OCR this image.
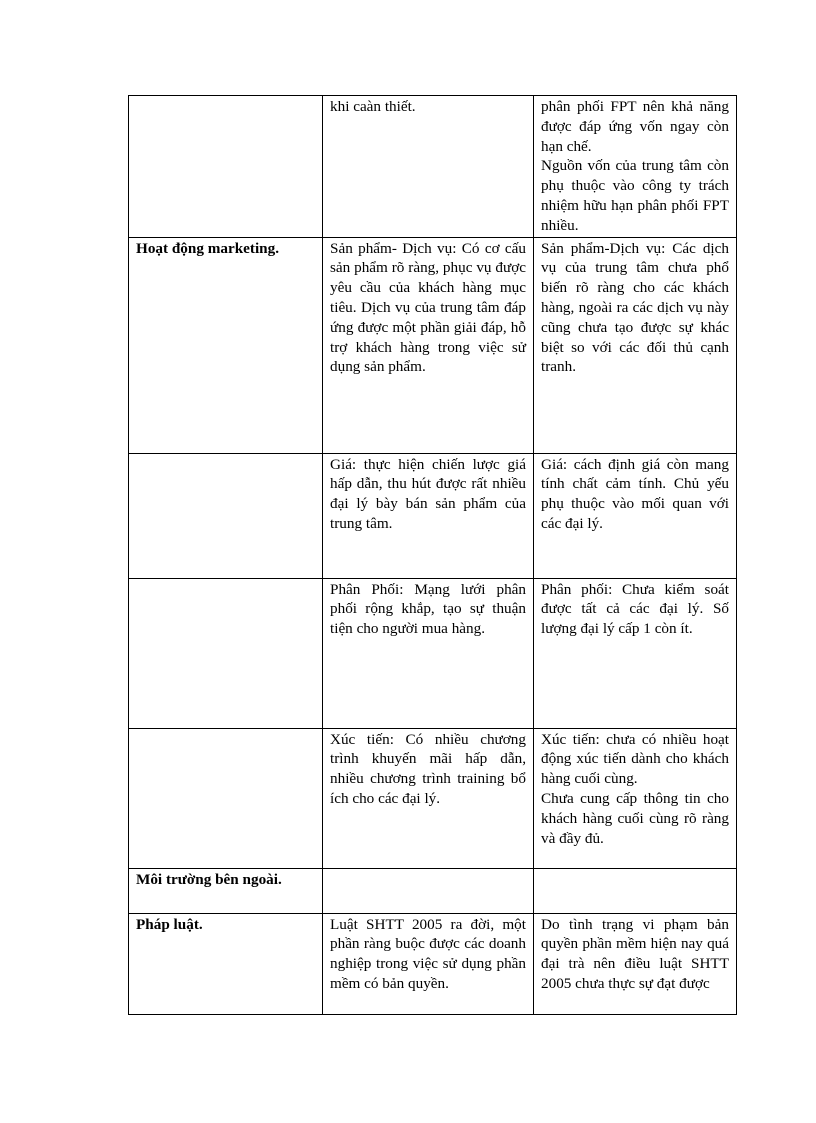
	khi caàn thiết.	phân phối FPT nên khả năng được đáp ứng vốn ngay còn hạn chế.
Nguồn vốn của trung tâm còn phụ thuộc vào công ty trách nhiệm hữu hạn phân phối FPT nhiều.

Hoạt động marketing.	Sản phẩm- Dịch vụ: Có cơ cấu sản phẩm rõ ràng, phục vụ được yêu cầu của khách hàng mục tiêu. Dịch vụ của trung tâm đáp ứng được một phần giải đáp, hỗ trợ khách hàng trong việc sử dụng sản phẩm.	Sản phẩm-Dịch vụ: Các dịch vụ của trung tâm chưa phổ biến rõ ràng cho các khách hàng, ngoài ra các dịch vụ này cũng chưa tạo được sự khác biệt so với các đối thủ cạnh tranh.

	Giá: thực hiện chiến lược giá hấp dẫn, thu hút được rất nhiều đại lý bày bán sản phẩm của trung tâm.	Giá: cách định giá còn mang tính chất cảm tính. Chủ yếu phụ thuộc vào mối quan với các đại lý.

	Phân Phối: Mạng lưới phân phối rộng khắp, tạo sự thuận tiện cho người mua hàng.	Phân phối: Chưa kiểm soát được tất cả các đại lý. Số lượng đại lý cấp 1 còn ít.

	Xúc tiến: Có nhiều chương trình khuyến mãi hấp dẫn, nhiều chương trình training bổ ích cho các đại lý.	Xúc tiến: chưa có nhiều hoạt động xúc tiến dành cho khách hàng cuối cùng.
Chưa cung cấp thông tin cho khách hàng cuối cùng rõ ràng và đầy đủ.

Môi trường bên ngoài.		
Pháp luật.	Luật SHTT 2005 ra đời, một phần ràng buộc được các doanh nghiệp trong việc sử dụng phần mềm có bản quyền.	Do tình trạng vi phạm bản quyền phần mềm hiện nay quá đại trà nên điều luật SHTT 2005 chưa thực sự đạt được
